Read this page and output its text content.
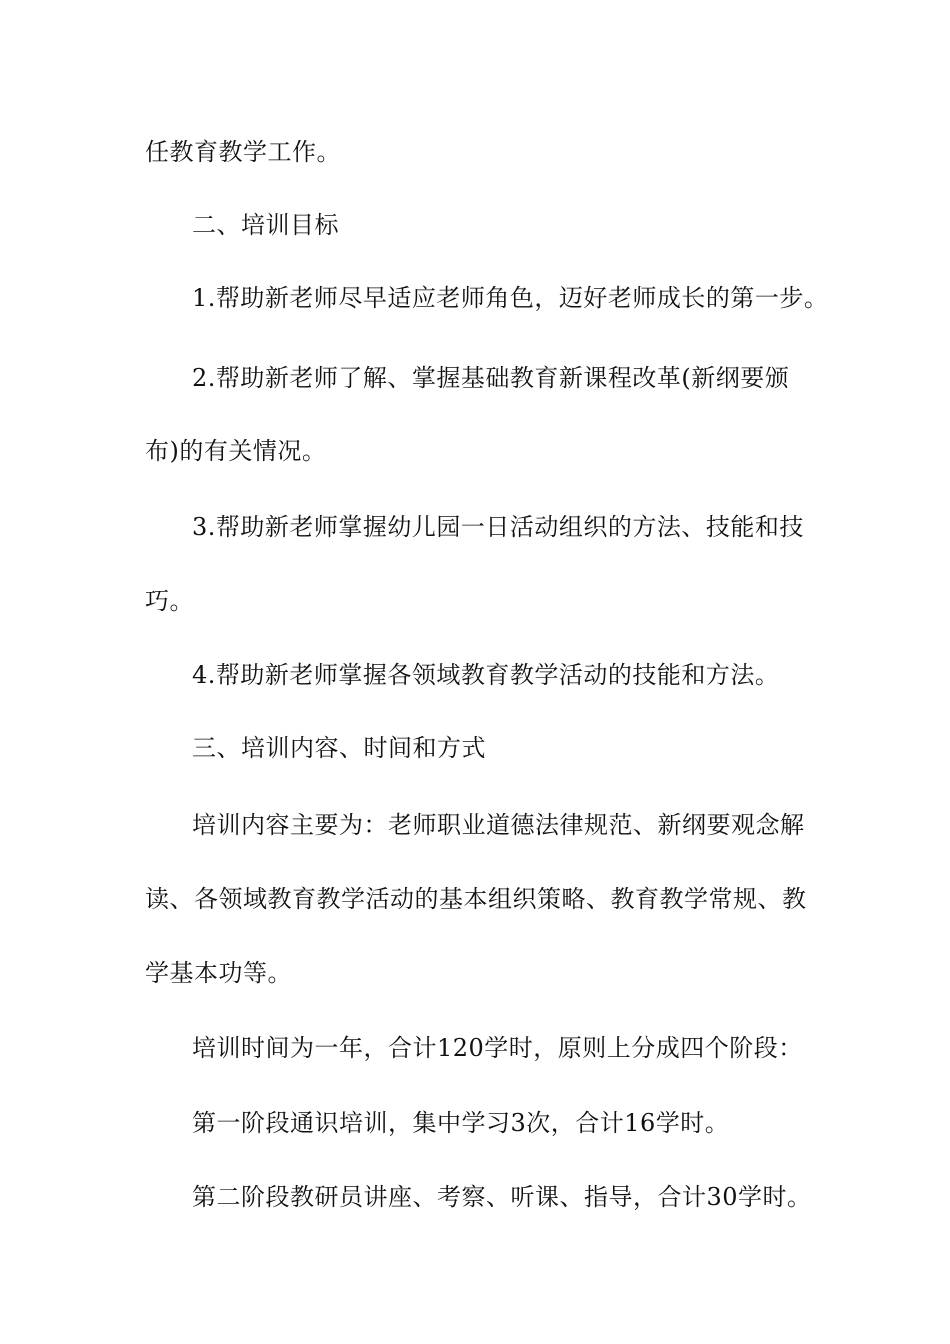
任教育教学工作。
二、培训目标
1.帮助新老师尽早适应老师角色，迈好老师成长的第一步。
2.帮助新老师了解、掌握基础教育新课程改革(新纲要颁
布)的有关情况。
3.帮助新老师掌握幼儿园一日活动组织的方法、技能和技
巧。
4.帮助新老师掌握各领域教育教学活动的技能和方法。
三、培训内容、时间和方式
培训内容主要为：老师职业道德法律规范、新纲要观念解
读、各领域教育教学活动的基本组织策略、教育教学常规、教
学基本功等。
培训时间为一年，合计120学时，原则上分成四个阶段：
第一阶段通识培训，集中学习3次，合计16学时。
第二阶段教研员讲座、考察、听课、指导，合计30学时。
